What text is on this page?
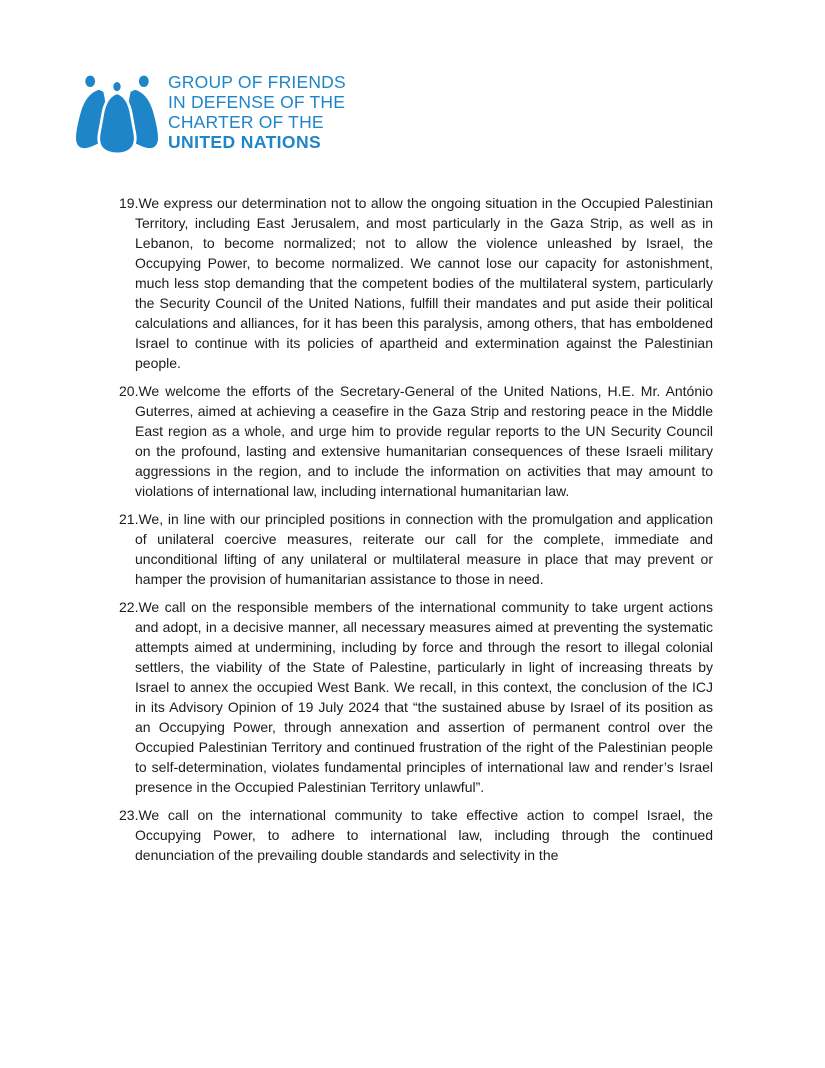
GROUP OF FRIENDS
IN DEFENSE OF THE
CHARTER OF THE
UNITED NATIONS

19.We express our determination not to allow the ongoing situation in the Occupied Palestinian Territory, including East Jerusalem, and most particularly in the Gaza Strip, as well as in Lebanon, to become normalized; not to allow the violence unleashed by Israel, the Occupying Power, to become normalized. We cannot lose our capacity for astonishment, much less stop demanding that the competent bodies of the multilateral system, particularly the Security Council of the United Nations, fulfill their mandates and put aside their political calculations and alliances, for it has been this paralysis, among others, that has emboldened Israel to continue with its policies of apartheid and extermination against the Palestinian people.

20.We welcome the efforts of the Secretary-General of the United Nations, H.E. Mr. António Guterres, aimed at achieving a ceasefire in the Gaza Strip and restoring peace in the Middle East region as a whole, and urge him to provide regular reports to the UN Security Council on the profound, lasting and extensive humanitarian consequences of these Israeli military aggressions in the region, and to include the information on activities that may amount to violations of international law, including international humanitarian law.

21.We, in line with our principled positions in connection with the promulgation and application of unilateral coercive measures, reiterate our call for the complete, immediate and unconditional lifting of any unilateral or multilateral measure in place that may prevent or hamper the provision of humanitarian assistance to those in need.

22.We call on the responsible members of the international community to take urgent actions and adopt, in a decisive manner, all necessary measures aimed at preventing the systematic attempts aimed at undermining, including by force and through the resort to illegal colonial settlers, the viability of the State of Palestine, particularly in light of increasing threats by Israel to annex the occupied West Bank. We recall, in this context, the conclusion of the ICJ in its Advisory Opinion of 19 July 2024 that “the sustained abuse by Israel of its position as an Occupying Power, through annexation and assertion of permanent control over the Occupied Palestinian Territory and continued frustration of the right of the Palestinian people to self-determination, violates fundamental principles of international law and render’s Israel presence in the Occupied Palestinian Territory unlawful”.

23.We call on the international community to take effective action to compel Israel, the Occupying Power, to adhere to international law, including through the continued denunciation of the prevailing double standards and selectivity in the
